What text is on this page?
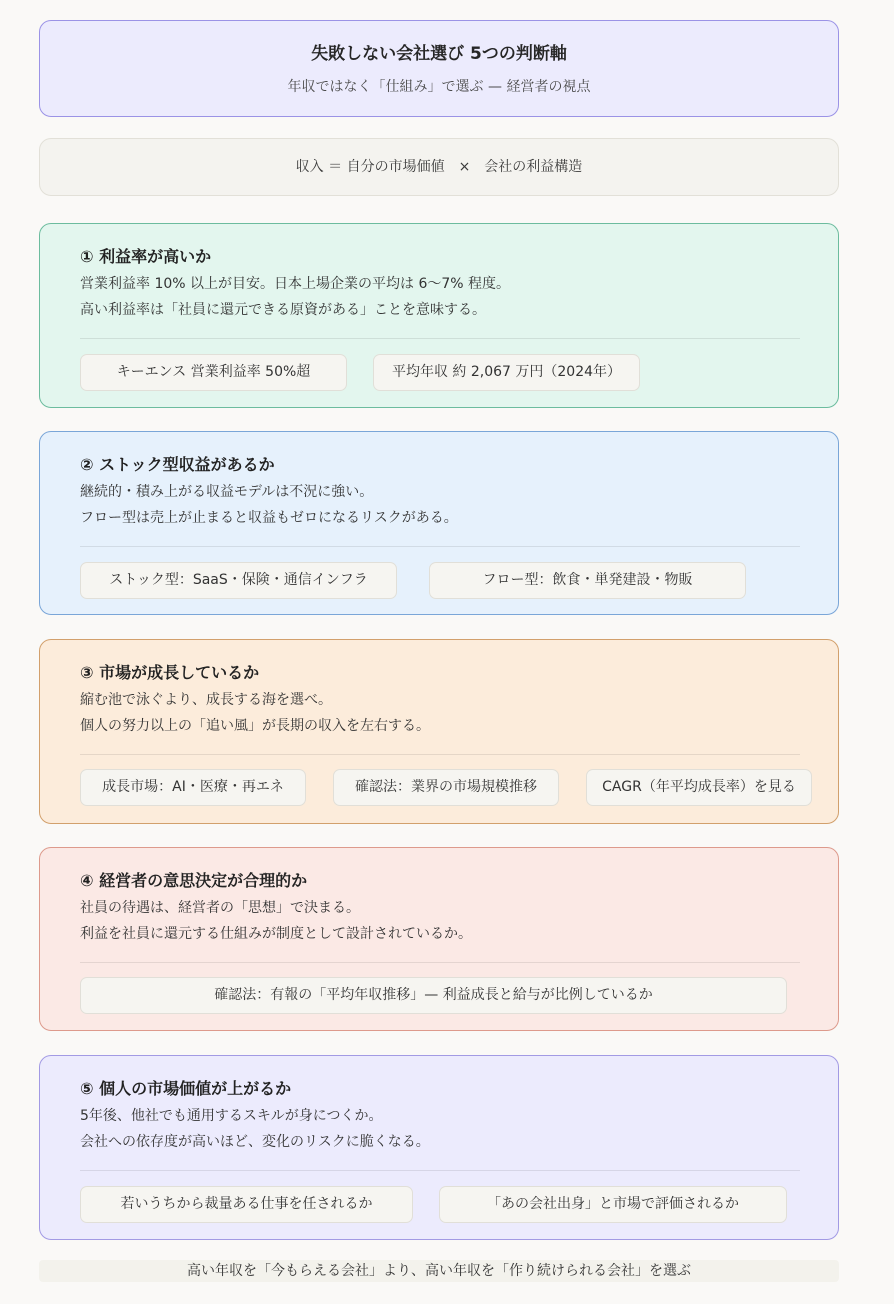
失敗しない会社選び 5つの判断軸
年収ではなく「仕組み」で選ぶ — 経営者の視点
収入 ＝ 自分の市場価値　×　会社の利益構造
① 利益率が高いか
営業利益率 10% 以上が目安。日本上場企業の平均は 6〜7% 程度。
高い利益率は「社員に還元できる原資がある」ことを意味する。
キーエンス 営業利益率 50%超	平均年収 約 2,067 万円（2024年）
② ストック型収益があるか
継続的・積み上がる収益モデルは不況に強い。
フロー型は売上が止まると収益もゼロになるリスクがある。
ストック型：SaaS・保険・通信インフラ	フロー型：飲食・単発建設・物販
③ 市場が成長しているか
縮む池で泳ぐより、成長する海を選べ。
個人の努力以上の「追い風」が長期の収入を左右する。
成長市場：AI・医療・再エネ	確認法：業界の市場規模推移	CAGR（年平均成長率）を見る
④ 経営者の意思決定が合理的か
社員の待遇は、経営者の「思想」で決まる。
利益を社員に還元する仕組みが制度として設計されているか。
確認法：有報の「平均年収推移」— 利益成長と給与が比例しているか
⑤ 個人の市場価値が上がるか
5年後、他社でも通用するスキルが身につくか。
会社への依存度が高いほど、変化のリスクに脆くなる。
若いうちから裁量ある仕事を任されるか	「あの会社出身」と市場で評価されるか
高い年収を「今もらえる会社」より、高い年収を「作り続けられる会社」を選ぶ
